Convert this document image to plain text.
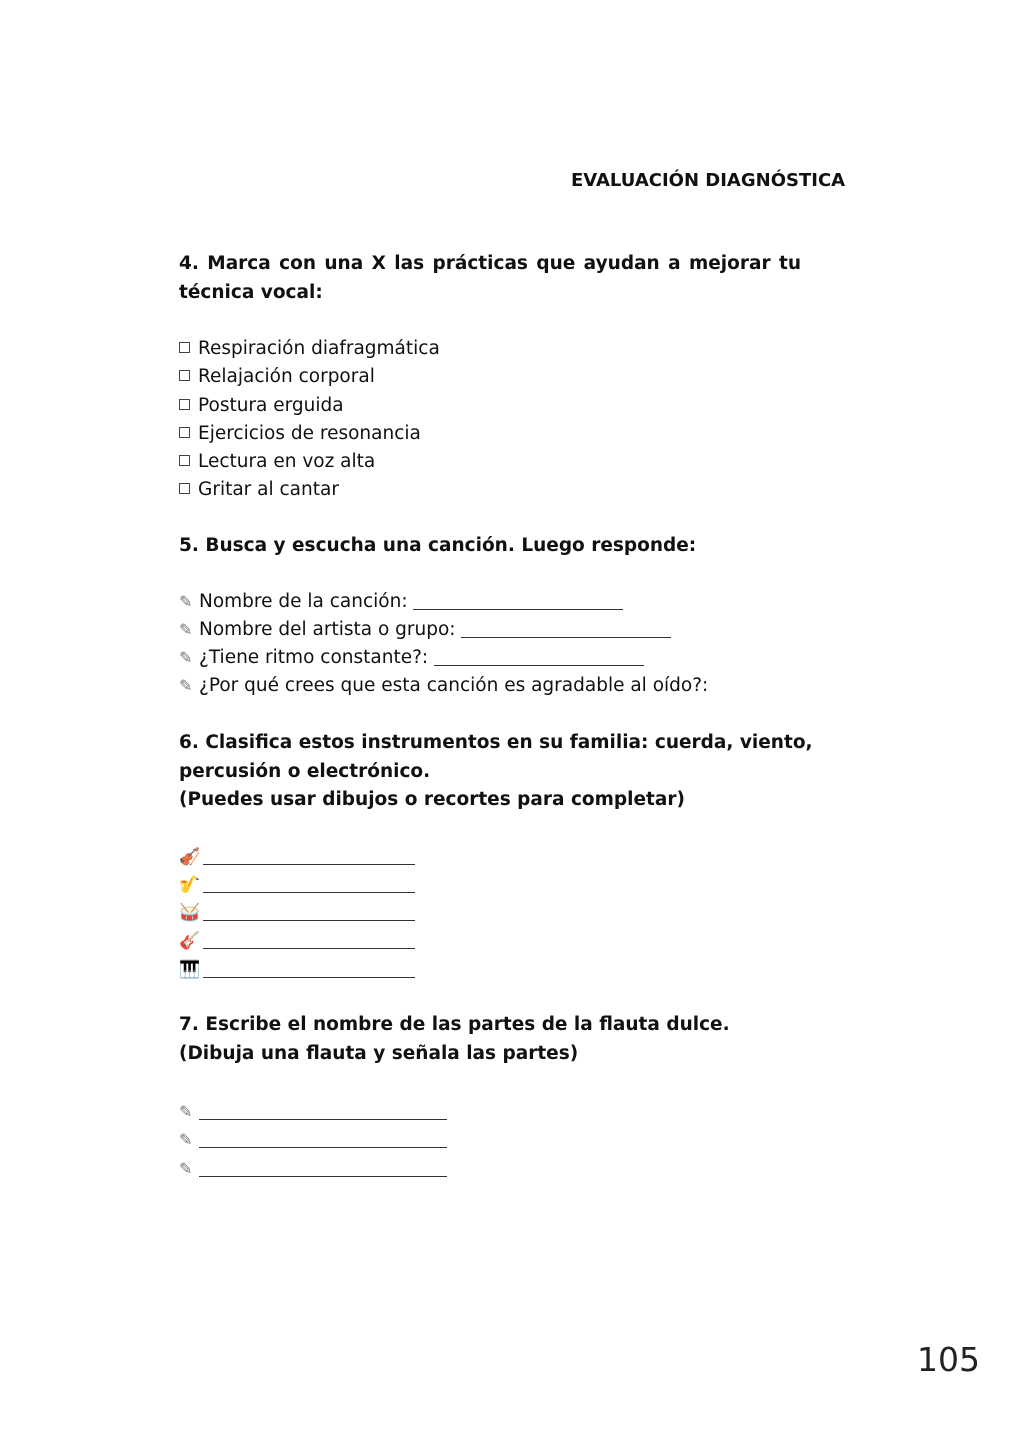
EVALUACIÓN DIAGNÓSTICA
4. Marca con una X las prácticas que ayudan a mejorar tu técnica vocal:
Respiración diafragmática
Relajación corporal
Postura erguida
Ejercicios de resonancia
Lectura en voz alta
Gritar al cantar
5. Busca y escucha una canción. Luego responde:
✎ Nombre de la canción:
✎ Nombre del artista o grupo:
✎ ¿Tiene ritmo constante?:
✎ ¿Por qué crees que esta canción es agradable al oído?:
6. Clasifica estos instrumentos en su familia: cuerda, viento,
percusión o electrónico.
(Puedes usar dibujos o recortes para completar)
🎻
🎷
🥁
🎸
🎹
7. Escribe el nombre de las partes de la flauta dulce.
(Dibuja una flauta y señala las partes)
✎
✎
✎
105
